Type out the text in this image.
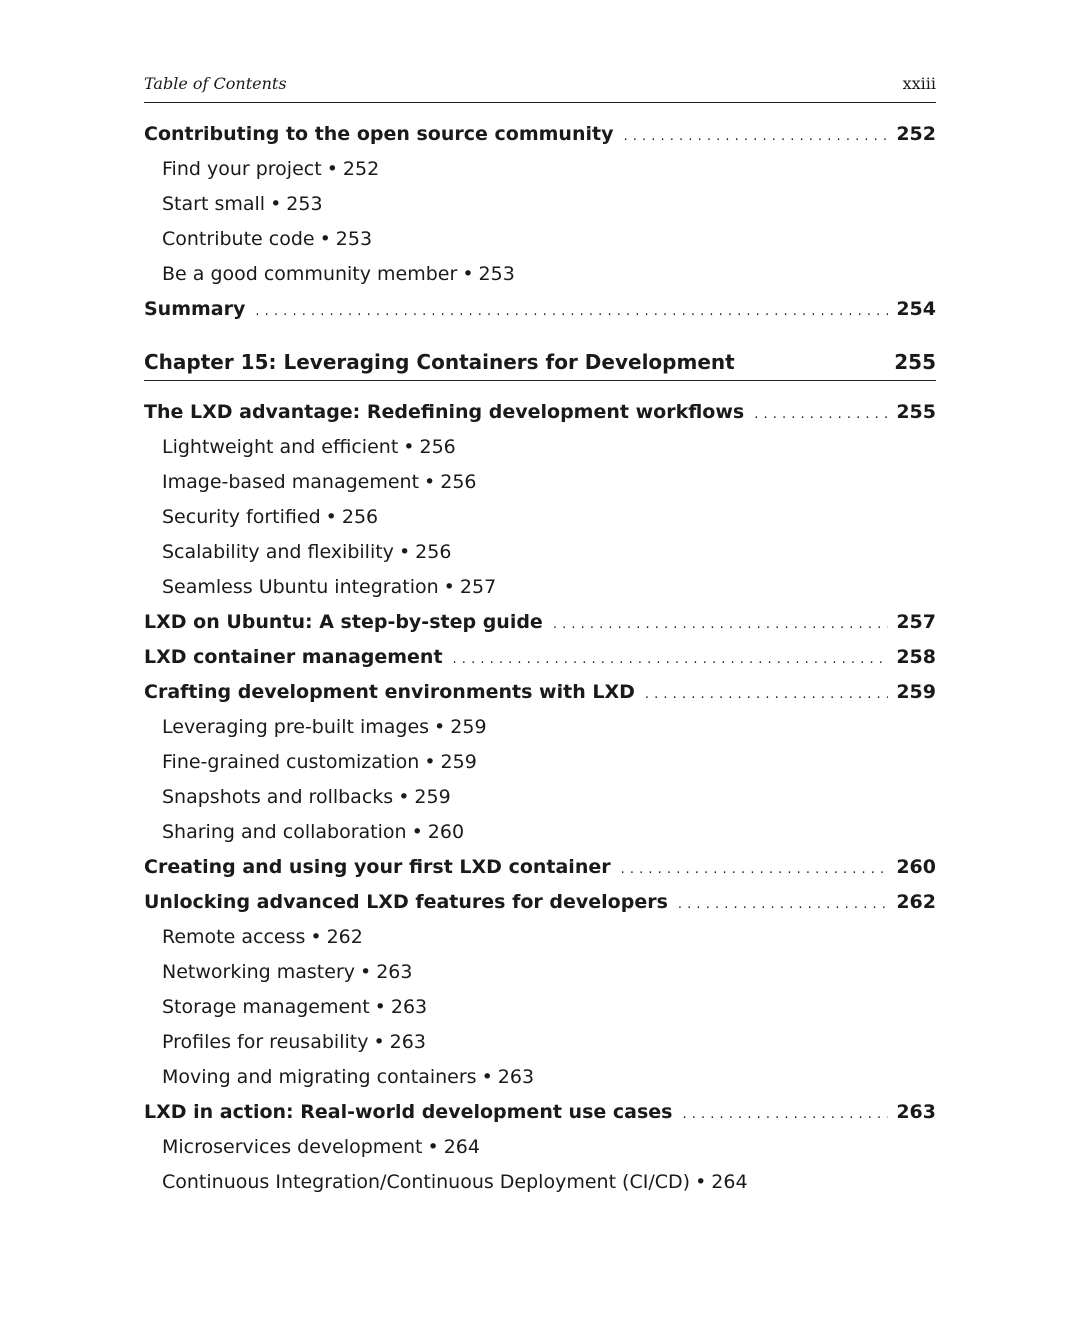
Table of Contents	xxiii
Contributing to the open source community . . .	252
Find your project • 252
Start small • 253
Contribute code • 253
Be a good community member • 253
Summary . . .	254
Chapter 15: Leveraging Containers for Development	255
The LXD advantage: Redefining development workflows . . .	255
Lightweight and efficient • 256
Image-based management • 256
Security fortified • 256
Scalability and flexibility • 256
Seamless Ubuntu integration • 257
LXD on Ubuntu: A step-by-step guide . . .	257
LXD container management . . .	258
Crafting development environments with LXD . . .	259
Leveraging pre-built images • 259
Fine-grained customization • 259
Snapshots and rollbacks • 259
Sharing and collaboration • 260
Creating and using your first LXD container . . .	260
Unlocking advanced LXD features for developers . . .	262
Remote access • 262
Networking mastery • 263
Storage management • 263
Profiles for reusability • 263
Moving and migrating containers • 263
LXD in action: Real-world development use cases . . .	263
Microservices development • 264
Continuous Integration/Continuous Deployment (CI/CD) • 264
